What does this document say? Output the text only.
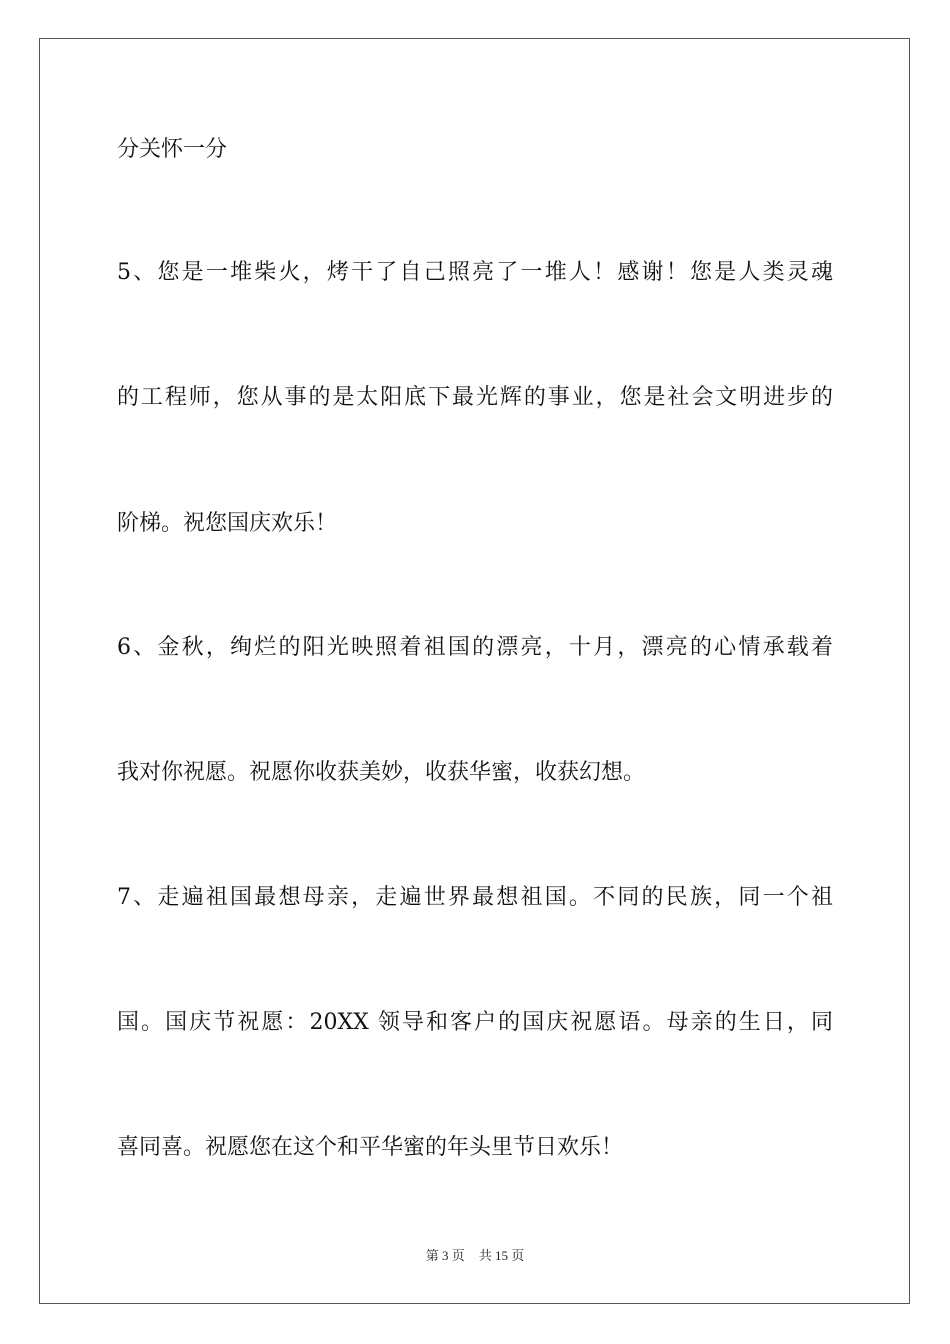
分关怀一分
5、您是一堆柴火，烤干了自己照亮了一堆人！感谢！您是人类灵魂
的工程师，您从事的是太阳底下最光辉的事业，您是社会文明进步的
阶梯。祝您国庆欢乐！
6、金秋，绚烂的阳光映照着祖国的漂亮，十月，漂亮的心情承载着
我对你祝愿。祝愿你收获美妙，收获华蜜，收获幻想。
7、走遍祖国最想母亲，走遍世界最想祖国。不同的民族，同一个祖
国。国庆节祝愿：20XX 领导和客户的国庆祝愿语。母亲的生日，同
喜同喜。祝愿您在这个和平华蜜的年头里节日欢乐！
第 3 页 共 15 页
